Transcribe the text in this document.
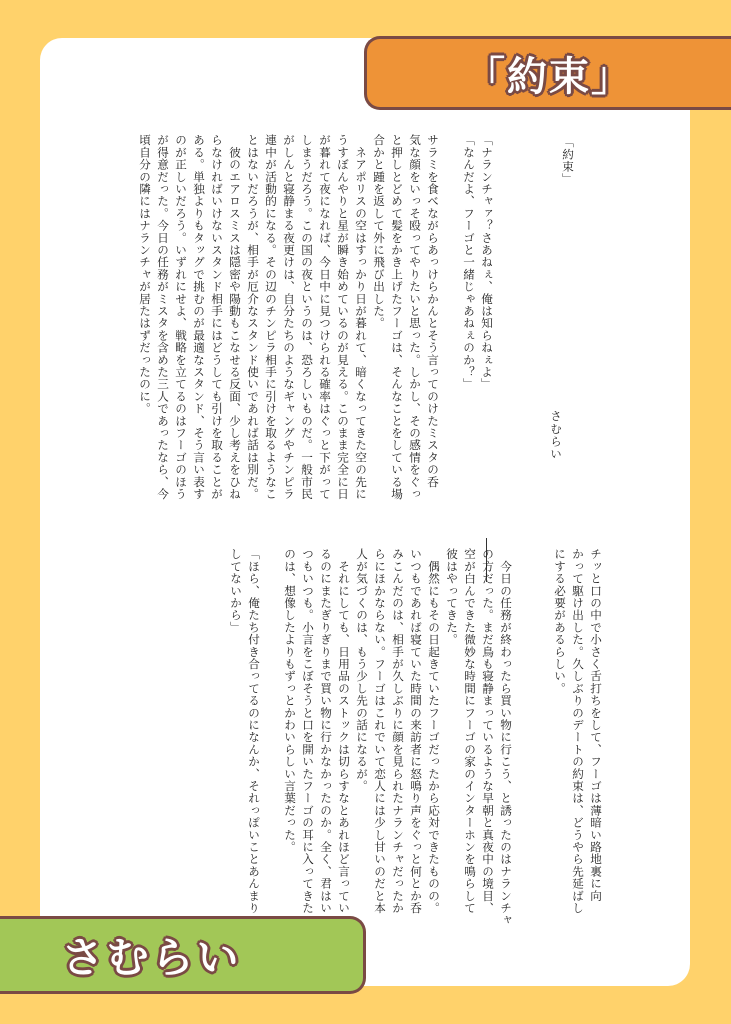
「約束」
「約束」
さむらい
「ナランチャァ？さあねぇ、俺は知らねぇよ」
「なんだよ、フーゴと一緒じゃあねぇのか？」

サラミを食べながらあっけらかんとそう言ってのけたミスタの呑
気な顔をいっそ殴ってやりたいと思った。しかし、その感情をぐっ
と押しとどめて髪をかき上げたフーゴは、そんなことをしている場
合かと踵を返して外に飛び出した。
　ネアポリスの空はすっかり日が暮れて、暗くなってきた空の先に
うすぼんやりと星が瞬き始めているのが見える。このまま完全に日
が暮れて夜になれば、今日中に見つけられる確率はぐっと下がって
しまうだろう。この国の夜というのは、恐ろしいものだ。一般市民
がしんと寝静まる夜更けは、自分たちのようなギャングやチンピラ
連中が活動的になる。その辺のチンピラ相手に引けを取るようなこ
とはないだろうが、相手が厄介なスタンド使いであれば話は別だ。
　彼のエアロスミスは隠密や陽動もこなせる反面、少し考えをひね
らなければいけないスタンド相手にはどうしても引けを取ることが
ある。単独よりもタッグで挑むのが最適なスタンド、そう言い表す
のが正しいだろう。いずれにせよ、戦略を立てるのはフーゴのほう
が得意だった。今日の任務がミスタを含めた三人であったなら、今
頃自分の隣にはナランチャが居たはずだったのに。
チッと口の中で小さく舌打ちをして、フーゴは薄暗い路地裏に向
かって駆け出した。久しぶりのデートの約束は、どうやら先延ばし
にする必要があるらしい。

　今日の任務が終わったら買い物に行こう、と誘ったのはナランチャ
の方だった。まだ鳥も寝静まっているような早朝と真夜中の境目、
空が白んできた微妙な時間にフーゴの家のインターホンを鳴らして
彼はやってきた。
　偶然にもその日起きていたフーゴだったから応対できたものの。
いつもであれば寝ていた時間の来訪者に怒鳴り声をぐっと何とか呑
みこんだのは、相手が久しぶりに顔を見られたナランチャだったか
らにほかならない。フーゴはこれでいて恋人には少し甘いのだと本
人が気づくのは、もう少し先の話になるが。
　それにしても、日用品のストックは切らすなとあれほど言ってい
るのにまたぎりぎりまで買い物に行かなかったのか。全く、君はい
つもいつも。小言をこぼそうと口を開いたフーゴの耳に入ってきた
のは、想像したよりもずっとかわいらしい言葉だった。

「ほら、俺たち付き合ってるのになんか、それっぽいことあんまり
してないから」
さむらい
